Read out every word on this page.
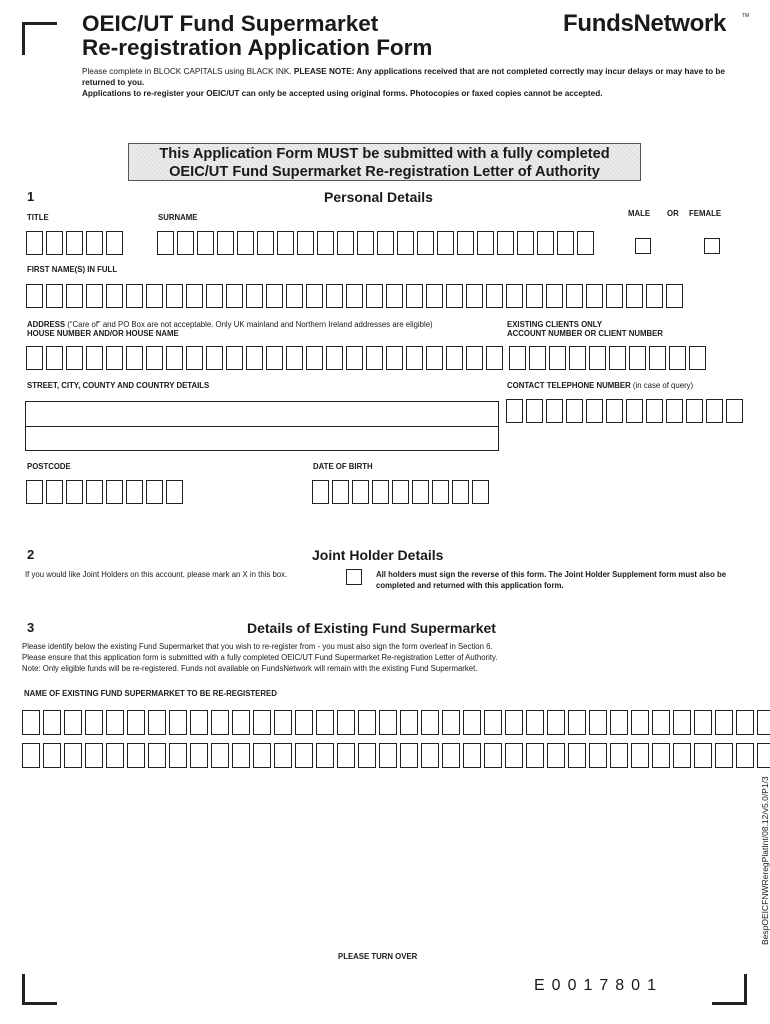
OEIC/UT Fund Supermarket
Re-registration Application Form
FundsNetwork	TM
Please complete in BLOCK CAPITALS using BLACK INK. PLEASE NOTE: Any applications received that are not completed correctly may incur delays or may have to be returned to you.
Applications to re-register your OEIC/UT can only be accepted using original forms. Photocopies or faxed copies cannot be accepted.
This Application Form MUST be submitted with a fully completed
OEIC/UT Fund Supermarket Re-registration Letter of Authority
1	Personal Details
TITLE	SURNAME	MALE OR FEMALE
FIRST NAME(S) IN FULL
ADDRESS (“Care of” and PO Box are not acceptable. Only UK mainland and Northern Ireland addresses are eligible)
HOUSE NUMBER AND/OR HOUSE NAME
EXISTING CLIENTS ONLY
ACCOUNT NUMBER OR CLIENT NUMBER
STREET, CITY, COUNTY AND COUNTRY DETAILS	CONTACT TELEPHONE NUMBER (in case of query)
POSTCODE	DATE OF BIRTH
2	Joint Holder Details
If you would like Joint Holders on this account, please mark an X in this box.	All holders must sign the reverse of this form. The Joint Holder Supplement form must also be completed and returned with this application form.
3	Details of Existing Fund Supermarket
Please identify below the existing Fund Supermarket that you wish to re-register from - you must also sign the form overleaf in Section 6.
Please ensure that this application form is submitted with a fully completed OEIC/UT Fund Supermarket Re-registration Letter of Authority.
Note: Only eligible funds will be re-registered. Funds not available on FundsNetwork will remain with the existing Fund Supermarket.
NAME OF EXISTING FUND SUPERMARKET TO BE RE-REGISTERED
BespOEICFNWReregPlatInt/08.12/v5.0/P1/3
PLEASE TURN OVER
E0017801
